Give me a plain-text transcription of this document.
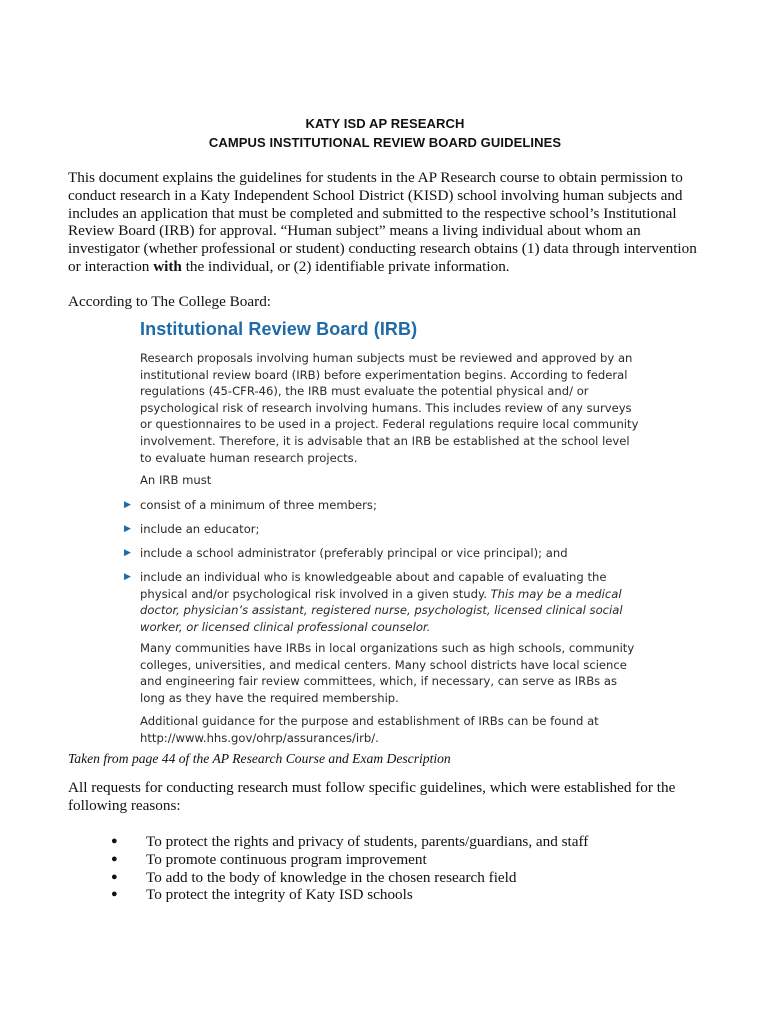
KATY ISD AP RESEARCH
CAMPUS INSTITUTIONAL REVIEW BOARD GUIDELINES
This document explains the guidelines for students in the AP Research course to obtain permission to conduct research in a Katy Independent School District (KISD) school involving human subjects and includes an application that must be completed and submitted to the respective school’s Institutional Review Board (IRB) for approval. “Human subject” means a living individual about whom an investigator (whether professional or student) conducting research obtains (1) data through intervention or interaction with the individual, or (2) identifiable private information.
According to The College Board:
Institutional Review Board (IRB)

Research proposals involving human subjects must be reviewed and approved by an institutional review board (IRB) before experimentation begins. According to federal regulations (45-CFR-46), the IRB must evaluate the potential physical and/ or psychological risk of research involving humans. This includes review of any surveys or questionnaires to be used in a project. Federal regulations require local community involvement. Therefore, it is advisable that an IRB be established at the school level to evaluate human research projects.

An IRB must

▶ consist of a minimum of three members;
▶ include an educator;
▶ include a school administrator (preferably principal or vice principal); and
▶ include an individual who is knowledgeable about and capable of evaluating the physical and/or psychological risk involved in a given study. This may be a medical doctor, physician’s assistant, registered nurse, psychologist, licensed clinical social worker, or licensed clinical professional counselor.

Many communities have IRBs in local organizations such as high schools, community colleges, universities, and medical centers. Many school districts have local science and engineering fair review committees, which, if necessary, can serve as IRBs as long as they have the required membership.

Additional guidance for the purpose and establishment of IRBs can be found at http://www.hhs.gov/ohrp/assurances/irb/.

Taken from page 44 of the AP Research Course and Exam Description
All requests for conducting research must follow specific guidelines, which were established for the following reasons:
● To protect the rights and privacy of students, parents/guardians, and staff
● To promote continuous program improvement
● To add to the body of knowledge in the chosen research field
● To protect the integrity of Katy ISD schools
